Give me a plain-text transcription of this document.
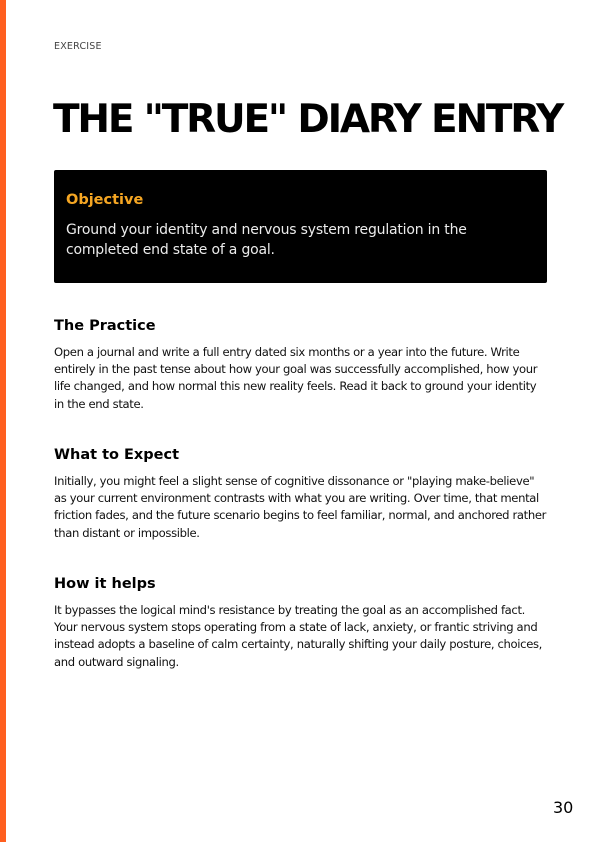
EXERCISE
THE "TRUE" DIARY ENTRY
Objective

Ground your identity and nervous system regulation in the completed end state of a goal.

The Practice

Open a journal and write a full entry dated six months or a year into the future. Write entirely in the past tense about how your goal was successfully accomplished, how your life changed, and how normal this new reality feels. Read it back to ground your identity in the end state.

What to Expect

Initially, you might feel a slight sense of cognitive dissonance or "playing make-believe" as your current environment contrasts with what you are writing. Over time, that mental friction fades, and the future scenario begins to feel familiar, normal, and anchored rather than distant or impossible.

How it helps

It bypasses the logical mind's resistance by treating the goal as an accomplished fact. Your nervous system stops operating from a state of lack, anxiety, or frantic striving and instead adopts a baseline of calm certainty, naturally shifting your daily posture, choices, and outward signaling.

30
